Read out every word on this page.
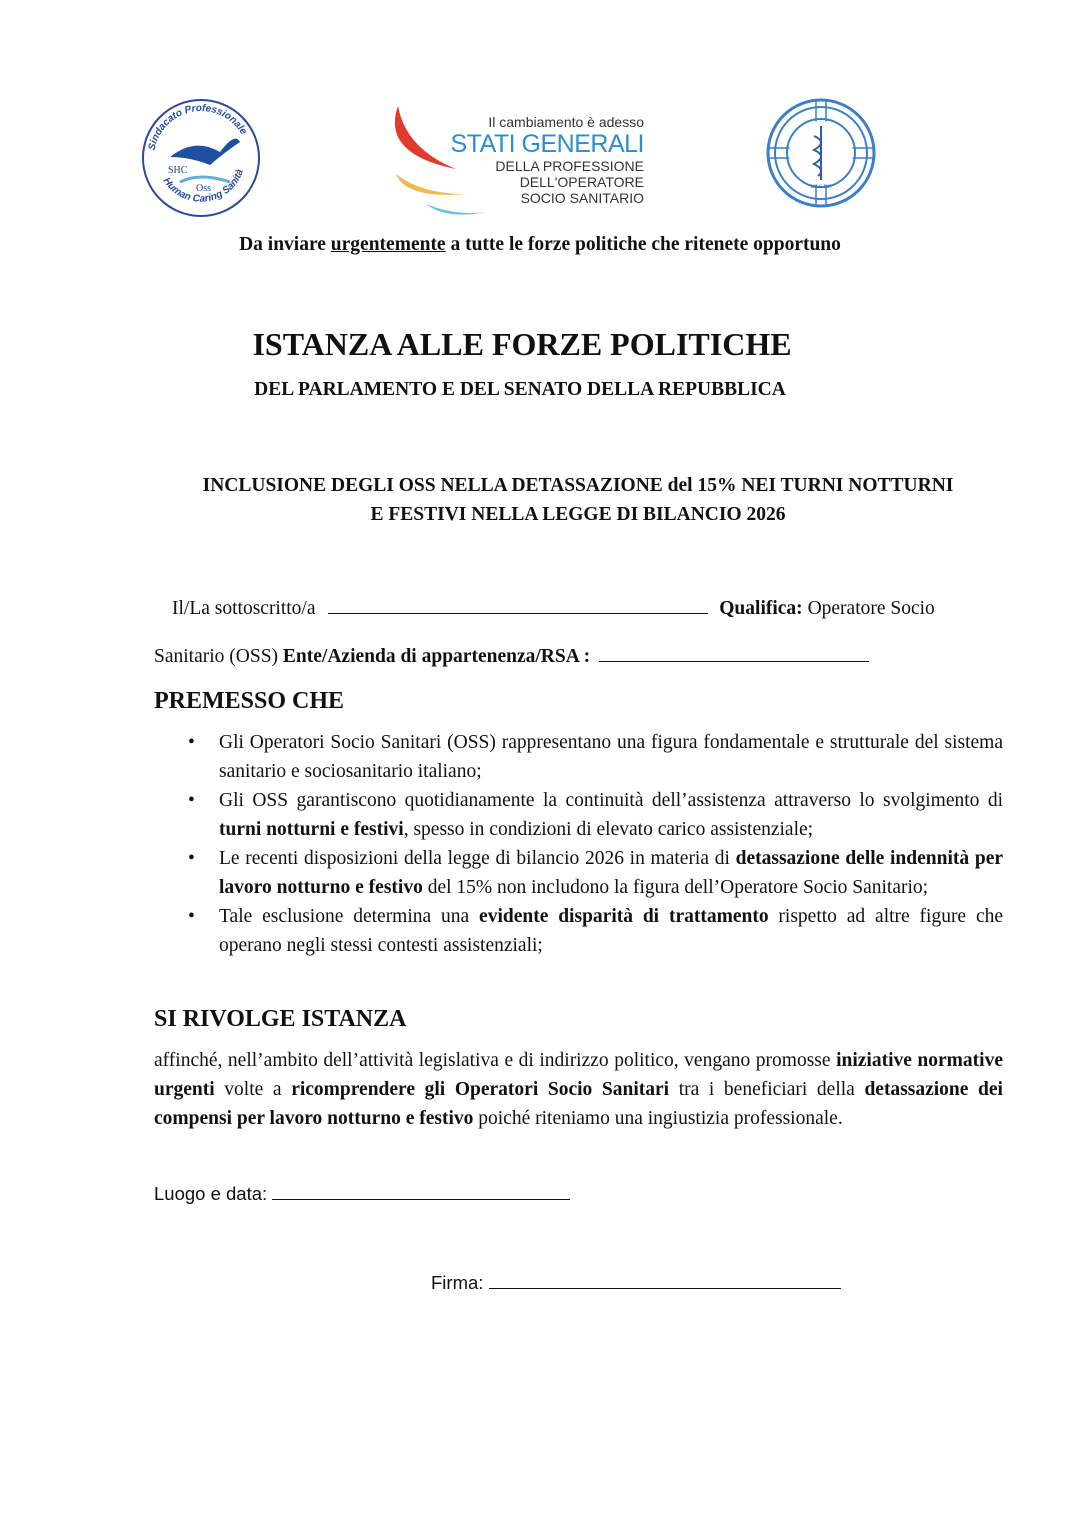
Sindacato Professionale
Human Caring Sanità
SHC
Oss
Il cambiamento è adesso
STATI GENERALI
DELLA PROFESSIONE
DELL'OPERATORE
SOCIO SANITARIO
M.I.G.E.P.
Da inviare urgentemente a tutte le forze politiche che ritenete opportuno
ISTANZA ALLE FORZE POLITICHE
DEL PARLAMENTO E DEL SENATO DELLA REPUBBLICA
INCLUSIONE DEGLI OSS NELLA DETASSAZIONE del 15% NEI TURNI NOTTURNI
E FESTIVI NELLA LEGGE DI BILANCIO 2026
Il/La sottoscritto/a	Qualifica: Operatore Socio
Sanitario (OSS) Ente/Azienda di appartenenza/RSA :
PREMESSO CHE
• Gli Operatori Socio Sanitari (OSS) rappresentano una figura fondamentale e strutturale del sistema sanitario e sociosanitario italiano;
• Gli OSS garantiscono quotidianamente la continuità dell’assistenza attraverso lo svolgimento di turni notturni e festivi, spesso in condizioni di elevato carico assistenziale;
• Le recenti disposizioni della legge di bilancio 2026 in materia di detassazione delle indennità per lavoro notturno e festivo del 15% non includono la figura dell’Operatore Socio Sanitario;
• Tale esclusione determina una evidente disparità di trattamento rispetto ad altre figure che operano negli stessi contesti assistenziali;
SI RIVOLGE ISTANZA
affinché, nell’ambito dell’attività legislativa e di indirizzo politico, vengano promosse iniziative normative urgenti volte a ricomprendere gli Operatori Socio Sanitari tra i beneficiari della detassazione dei compensi per lavoro notturno e festivo poiché riteniamo una ingiustizia professionale.
Luogo e data:
Firma:
